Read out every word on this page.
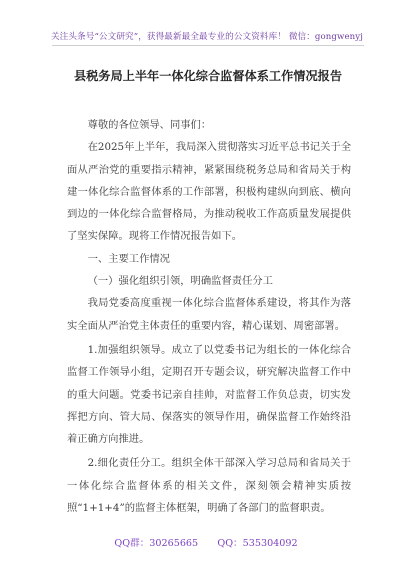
关注头条号“公文研究”，获得最新最全最专业的公文资料库！ 微信：gongwenyj
县税务局上半年一体化综合监督体系工作情况报告

尊敬的各位领导、同事们：

在2025年上半年，我局深入贯彻落实习近平总书记关于全面从严治党的重要指示精神，紧紧围绕税务总局和省局关于构建一体化综合监督体系的工作部署，积极构建纵向到底、横向到边的一体化综合监督格局，为推动税收工作高质量发展提供了坚实保障。现将工作情况报告如下。

一、主要工作情况

（一）强化组织引领，明确监督责任分工

我局党委高度重视一体化综合监督体系建设，将其作为落实全面从严治党主体责任的重要内容，精心谋划、周密部署。

1.加强组织领导。成立了以党委书记为组长的一体化综合监督工作领导小组，定期召开专题会议，研究解决监督工作中的重大问题。党委书记亲自挂帅，对监督工作负总责，切实发挥把方向、管大局、保落实的领导作用，确保监督工作始终沿着正确方向推进。

2.细化责任分工。组织全体干部深入学习总局和省局关于一体化综合监督体系的相关文件，深刻领会精神实质按照“1+1+4”的监督主体框架，明确了各部门的监督职责。

QQ群：30265665　　QQ：535304092
